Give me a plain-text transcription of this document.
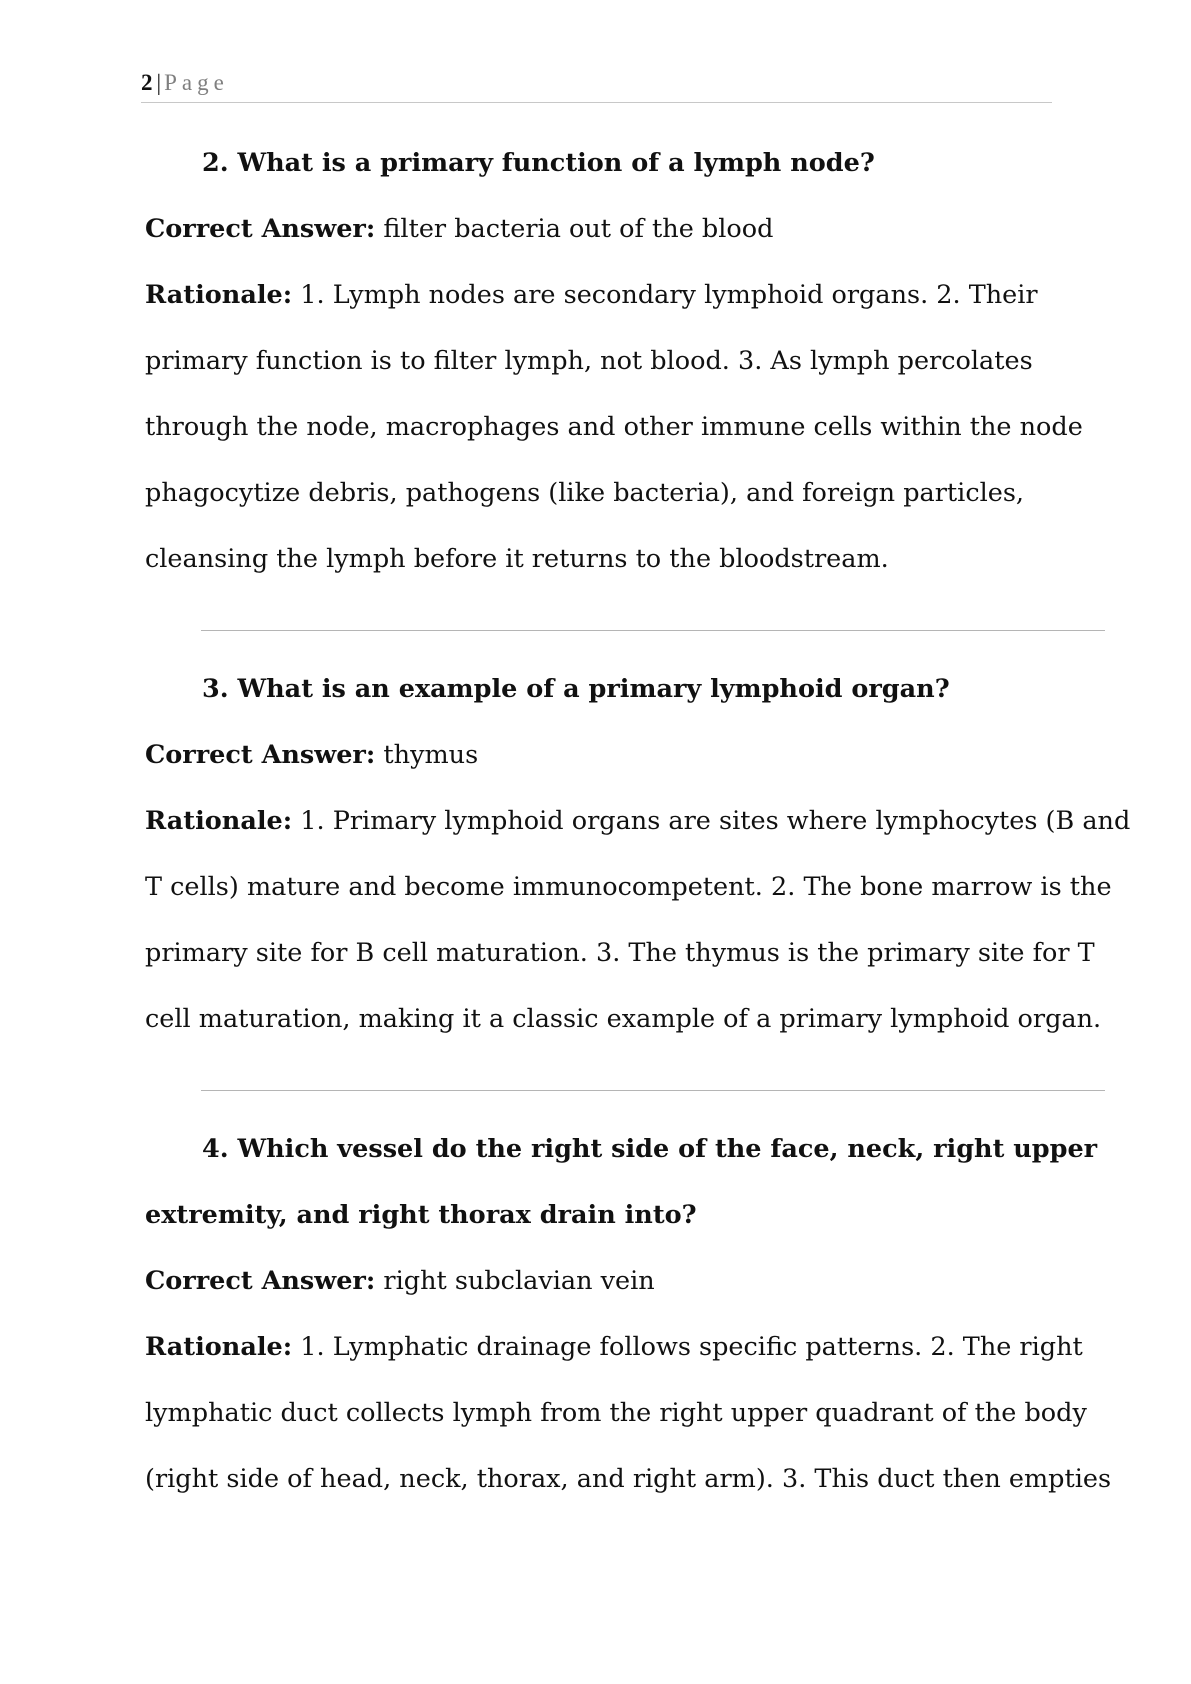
2 | Page
2. What is a primary function of a lymph node?
Correct Answer: filter bacteria out of the blood
Rationale: 1. Lymph nodes are secondary lymphoid organs. 2. Their
primary function is to filter lymph, not blood. 3. As lymph percolates
through the node, macrophages and other immune cells within the node
phagocytize debris, pathogens (like bacteria), and foreign particles,
cleansing the lymph before it returns to the bloodstream.
3. What is an example of a primary lymphoid organ?
Correct Answer: thymus
Rationale: 1. Primary lymphoid organs are sites where lymphocytes (B and
T cells) mature and become immunocompetent. 2. The bone marrow is the
primary site for B cell maturation. 3. The thymus is the primary site for T
cell maturation, making it a classic example of a primary lymphoid organ.
4. Which vessel do the right side of the face, neck, right upper
extremity, and right thorax drain into?
Correct Answer: right subclavian vein
Rationale: 1. Lymphatic drainage follows specific patterns. 2. The right
lymphatic duct collects lymph from the right upper quadrant of the body
(right side of head, neck, thorax, and right arm). 3. This duct then empties
